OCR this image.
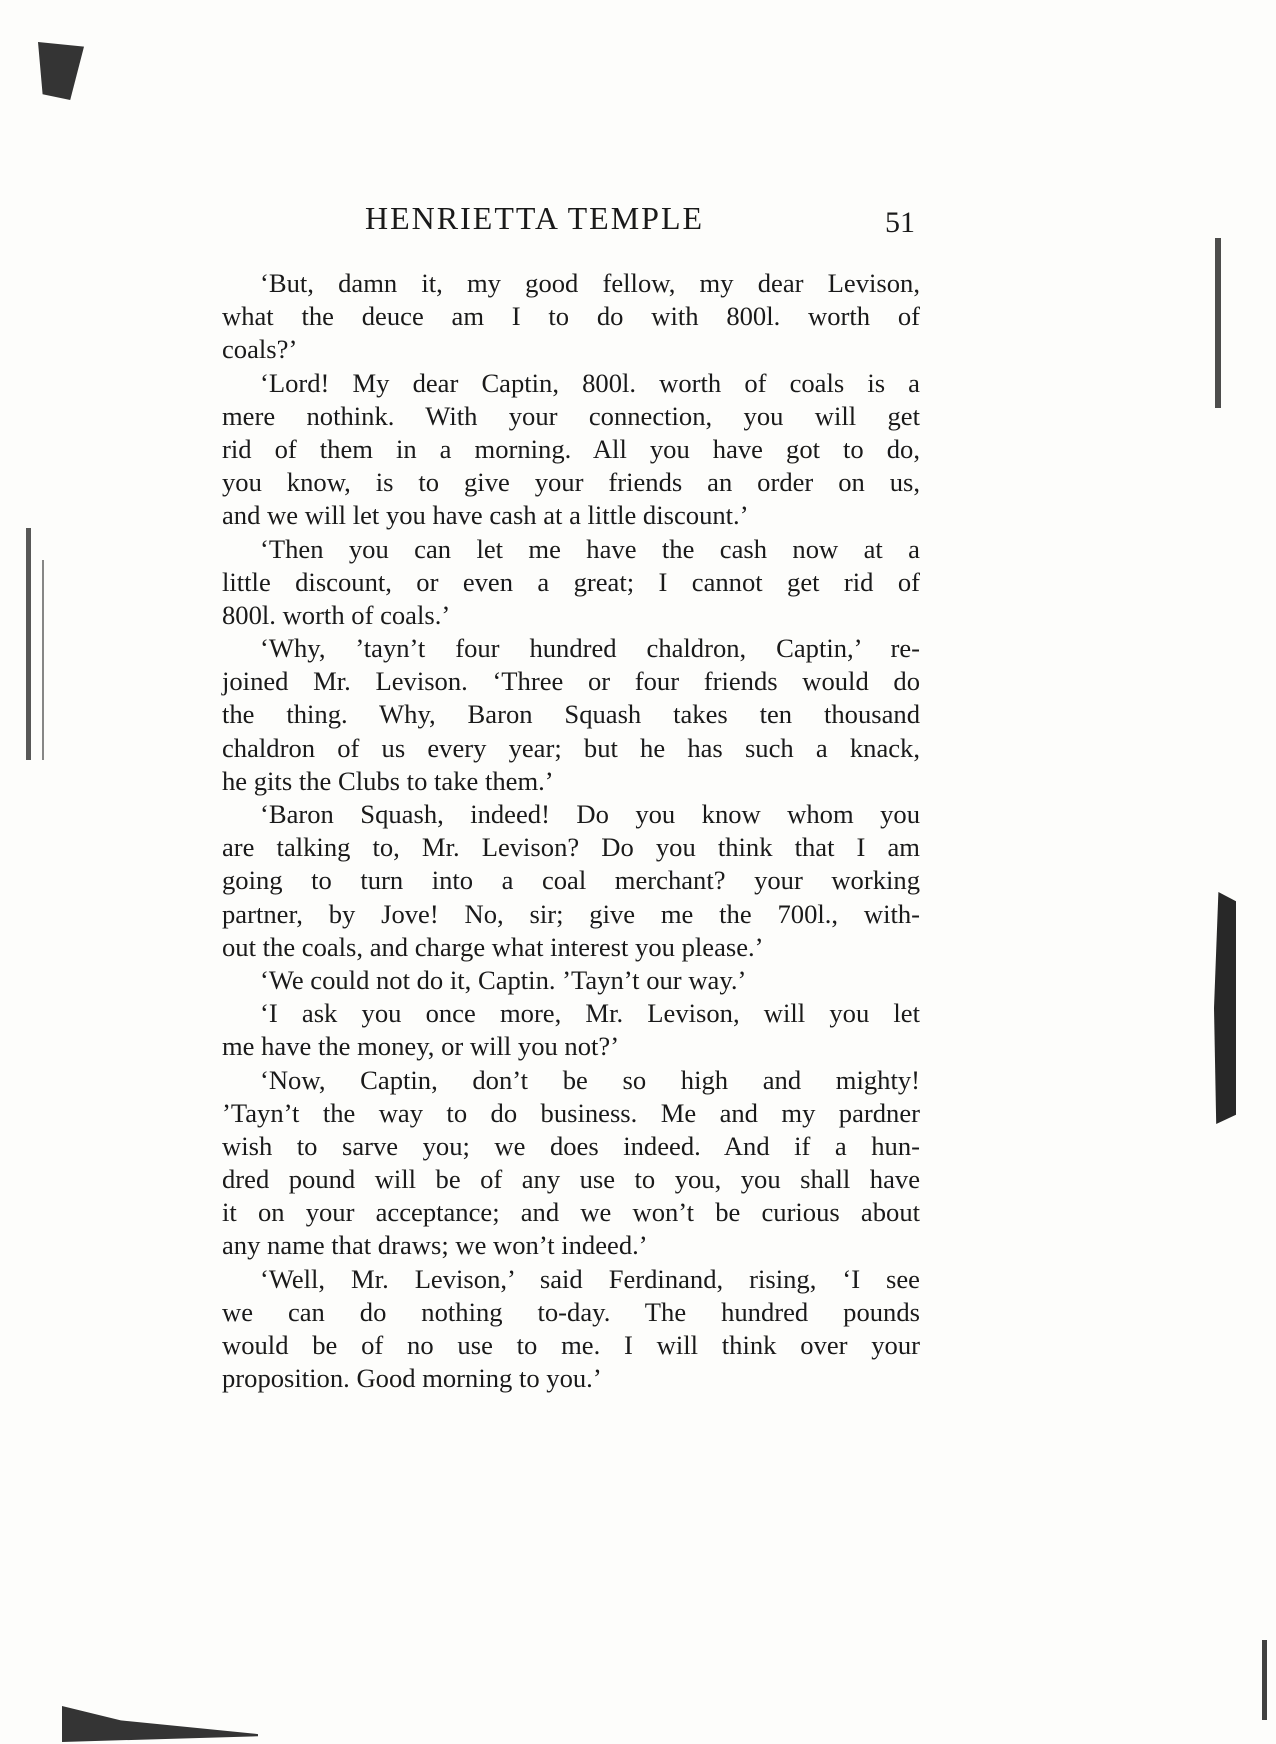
HENRIETTA TEMPLE	51
‘But, damn it, my good fellow, my dear Levison,
what the deuce am I to do with 800l. worth of
coals?’
‘Lord! My dear Captin, 800l. worth of coals is a
mere nothink. With your connection, you will get
rid of them in a morning. All you have got to do,
you know, is to give your friends an order on us,
and we will let you have cash at a little discount.’
‘Then you can let me have the cash now at a
little discount, or even a great; I cannot get rid of
800l. worth of coals.’
‘Why, ’tayn’t four hundred chaldron, Captin,’ re-
joined Mr. Levison. ‘Three or four friends would do
the thing. Why, Baron Squash takes ten thousand
chaldron of us every year; but he has such a knack,
he gits the Clubs to take them.’
‘Baron Squash, indeed! Do you know whom you
are talking to, Mr. Levison? Do you think that I am
going to turn into a coal merchant? your working
partner, by Jove! No, sir; give me the 700l., with-
out the coals, and charge what interest you please.’
‘We could not do it, Captin. ’Tayn’t our way.’
‘I ask you once more, Mr. Levison, will you let
me have the money, or will you not?’
‘Now, Captin, don’t be so high and mighty!
’Tayn’t the way to do business. Me and my pardner
wish to sarve you; we does indeed. And if a hun-
dred pound will be of any use to you, you shall have
it on your acceptance; and we won’t be curious about
any name that draws; we won’t indeed.’
‘Well, Mr. Levison,’ said Ferdinand, rising, ‘I see
we can do nothing to-day. The hundred pounds
would be of no use to me. I will think over your
proposition. Good morning to you.’
